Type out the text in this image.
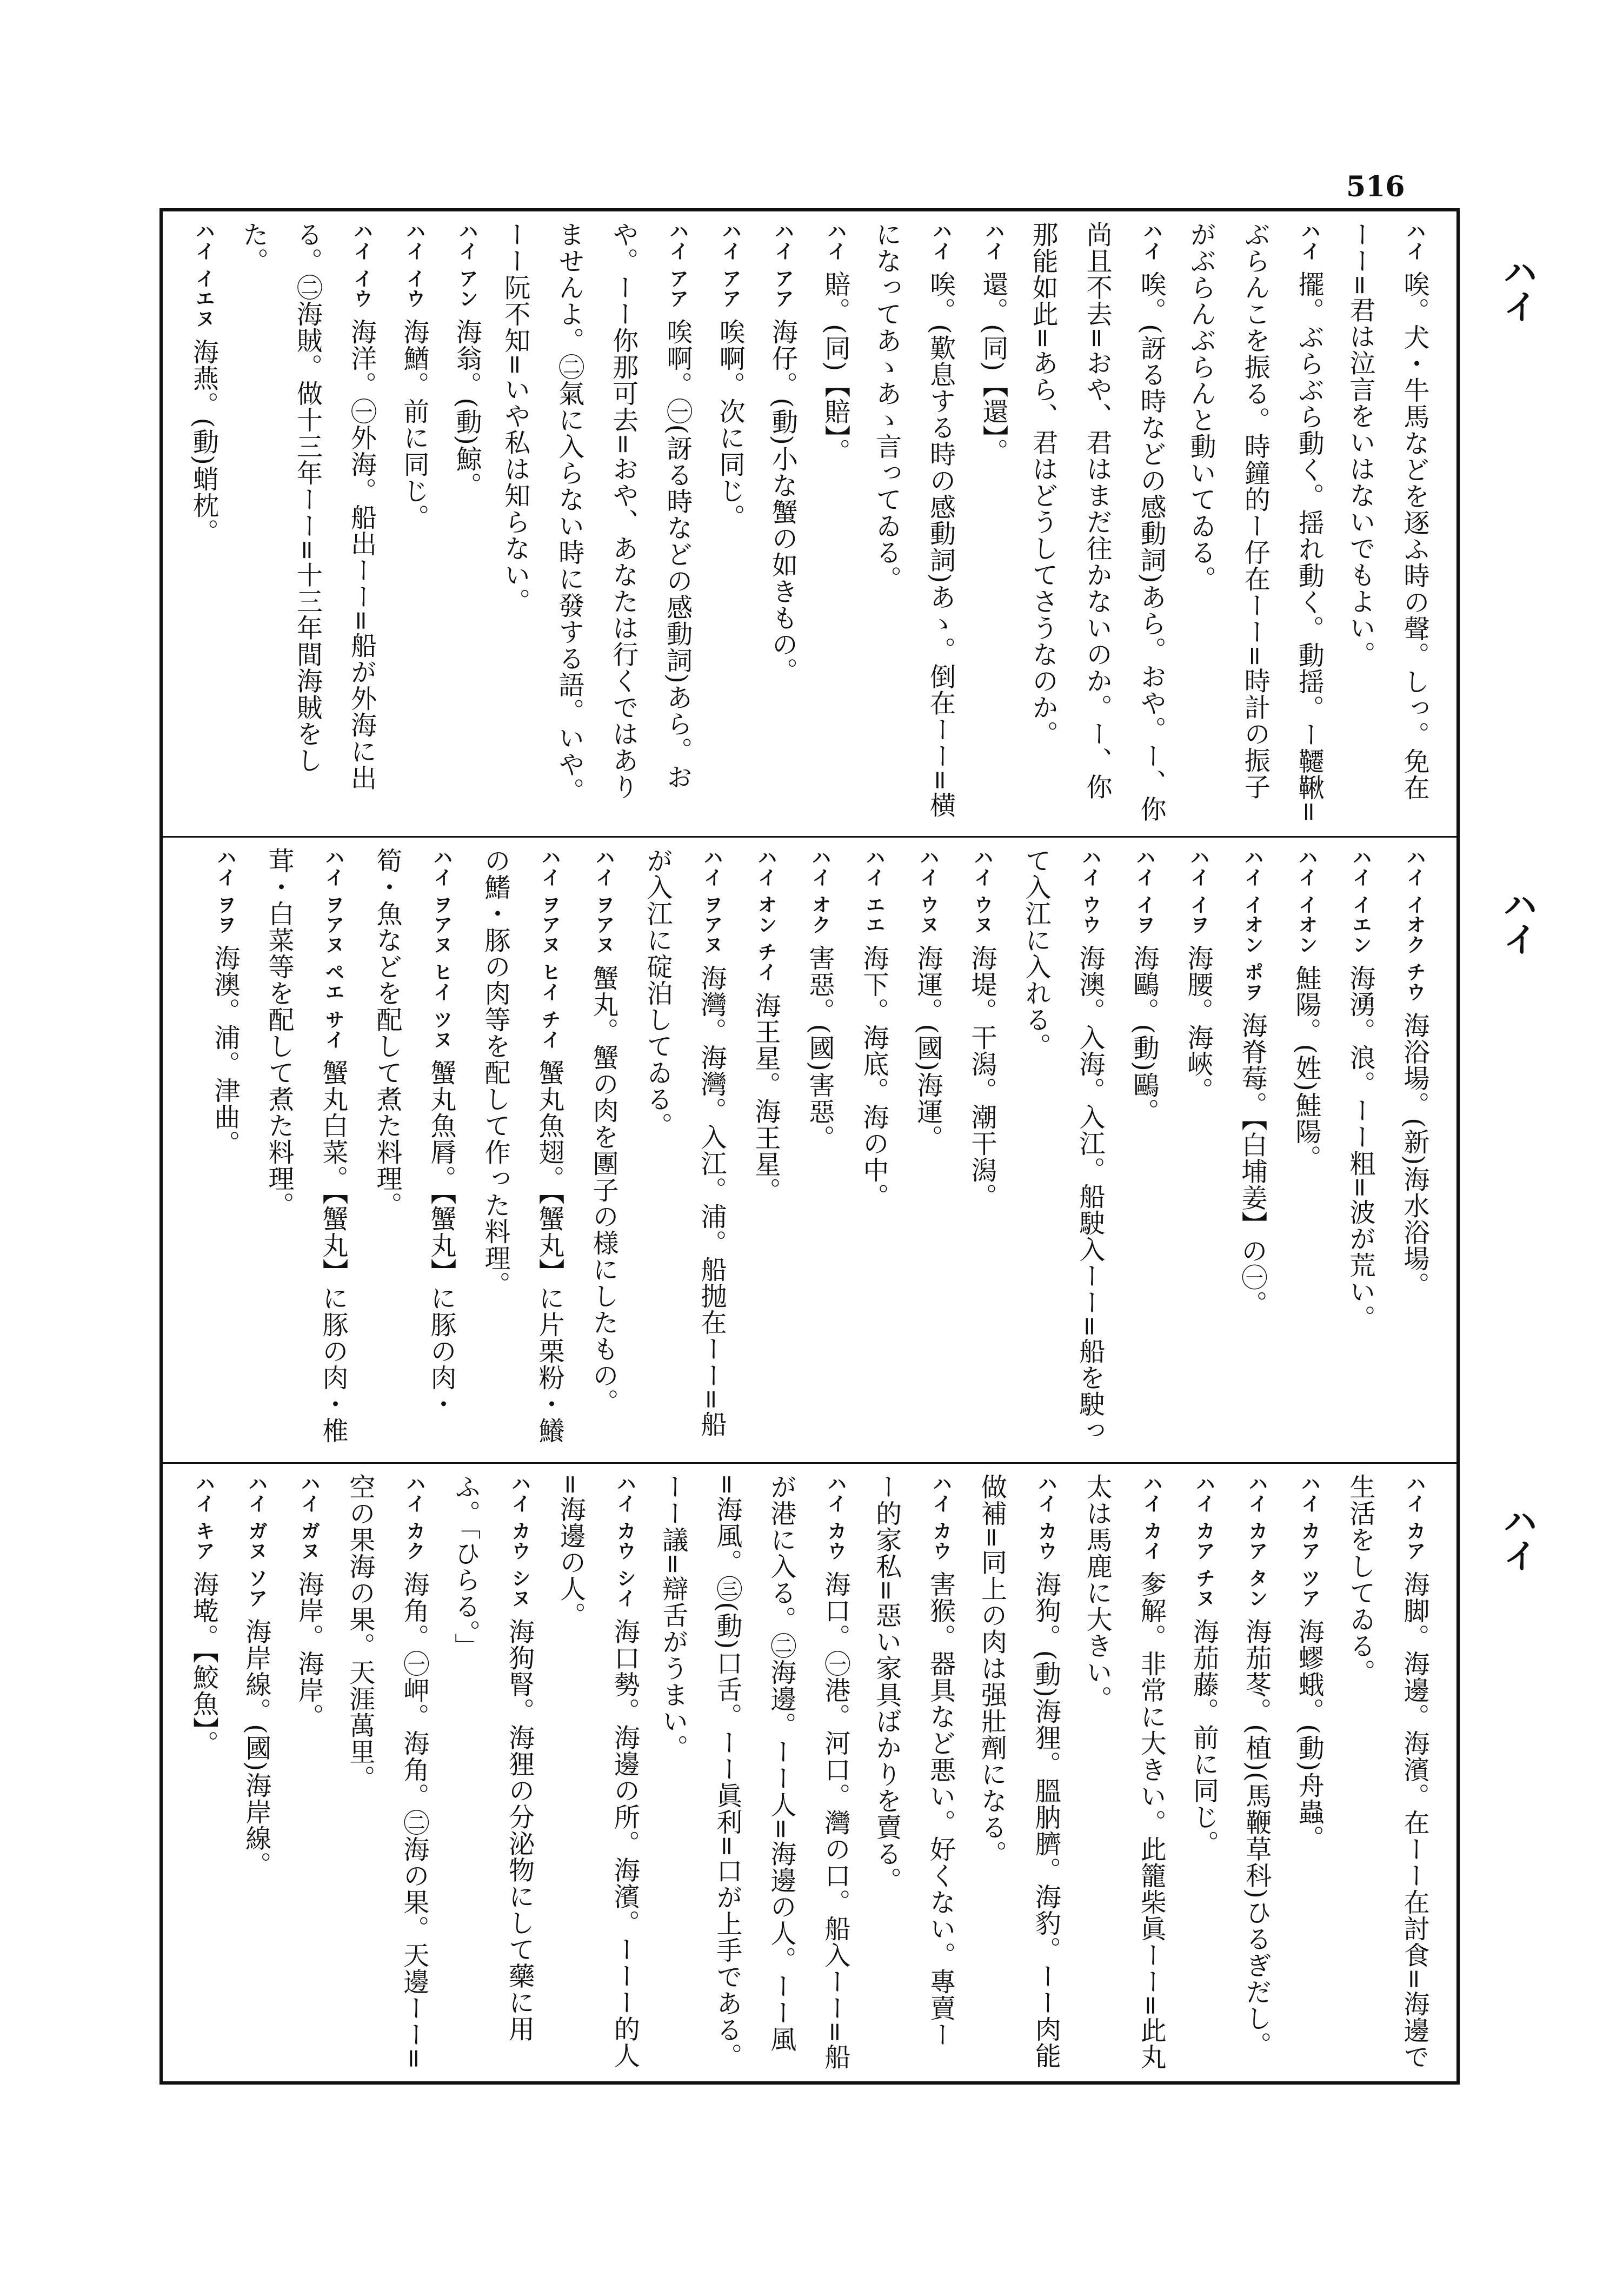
516
ハイ
ハイ
ハイ
ハイ唉。犬・牛馬などを逐ふ時の聲。しっ。免在ーー=君は泣言をいはないでもよい。
ハイ擺。ぶらぶら動く。揺れ動く。動揺。ー韆鞦=ぶらんこを振る。時鐘的ー仔在ーー=時計の振子がぶらんぶらんと動いてゐる。
ハイ唉。(訝る時などの感動詞)あら。おや。ー、你尚且不去=おや、君はまだ往かないのか。ー、你那能如此=あら、君はどうしてさうなのか。
ハイ還。(同)【還】。
ハイ唉。(歎息する時の感動詞)あゝ。倒在ーー=横になってあゝあゝ言ってゐる。
ハイ賠。(同)【賠】。
ハイ アア海仔。(動)小な蟹の如きもの。
ハイ アア唉啊。次に同じ。
ハイ アア唉啊。㊀(訝る時などの感動詞)あら。おや。ーー你那可去=おや、あなたは行くではありませんよ。㊁氣に入らない時に發する語。いや。ーー阮不知=いや私は知らない。
ハイ アン海翁。(動)鯨。
ハイ イウ海鰌。前に同じ。
ハイ イウ海洋。㊀外海。船出ーー=船が外海に出る。㊁海賊。做十三年ーー=十三年間海賊をした。
ハイ イエヌ海燕。(動)蛸枕。
ハイ イオク チウ海浴場。(新)海水浴場。
ハイ イエン海湧。浪。ーー粗=波が荒い。
ハイ イオン鮭陽。(姓)鮭陽。
ハイ イオン ポヲ海脊莓。【白埔姜】の㊀。
ハイ イヲ海腰。海峽。
ハイ イヲ海鷗。(動)鷗。
ハイ ウウ海澳。入海。入江。船駛入ーー=船を駛って入江に入れる。
ハイ ウヌ海堤。干潟。潮干潟。
ハイ ウヌ海運。(國)海運。
ハイ エエ海下。海底。海の中。
ハイ オク害惡。(國)害惡。
ハイ オン チイ海王星。海王星。
ハイ ヲアヌ海灣。海灣。入江。浦。船抛在ーー=船が入江に碇泊してゐる。
ハイ ヲアヌ蟹丸。蟹の肉を團子の様にしたもの。
ハイ ヲアヌ ヒイ チイ蟹丸魚翅。【蟹丸】に片栗粉・鱶の鰭・豚の肉等を配して作った料理。
ハイ ヲアヌ ヒイ ツヌ蟹丸魚脣。【蟹丸】に豚の肉・筍・魚などを配して煮た料理。
ハイ ヲアヌ ペエ サイ蟹丸白菜。【蟹丸】に豚の肉・椎茸・白菜等を配して煮た料理。
ハイ ヲヲ海澳。浦。津曲。
ハイ カア海脚。海邊。海濱。在ーー在討食=海邊で生活をしてゐる。
ハイ カア ツア海蟉蛾。(動)舟蟲。
ハイ カア タン海茄苳。(植)(馬鞭草科)ひるぎだし。
ハイ カア チヌ海茄藤。前に同じ。
ハイ カイ奓解。非常に大きい。此籠柴眞ーー=此丸太は馬鹿に大きい。
ハイ カウ海狗。(動)海狸。膃肭臍。海豹。ーー肉能做補=同上の肉は强壯劑になる。
ハイ カウ害猴。器具など悪い。好くない。專賣ーー的家私=惡い家具ばかりを賣る。
ハイ カウ海口。㊀港。河口。灣の口。船入ーー=船が港に入る。㊁海邊。ーー人=海邊の人。ーー風=海風。㊂(動)口舌。ーー眞利=口が上手である。ーー議=辯舌がうまい。
ハイ カウ シイ海口勢。海邊の所。海濱。ーーー的人=海邊の人。
ハイ カウ シヌ海狗腎。海狸の分泌物にして藥に用ふ。「ひらる。」
ハイ カク海角。㊀岬。海角。㊁海の果。天邊ーー=空の果海の果。天涯萬里。
ハイ ガヌ海岸。海岸。
ハイ ガヌ ソア海岸線。(國)海岸線。
ハイ キア海墘。【鮫魚】。
